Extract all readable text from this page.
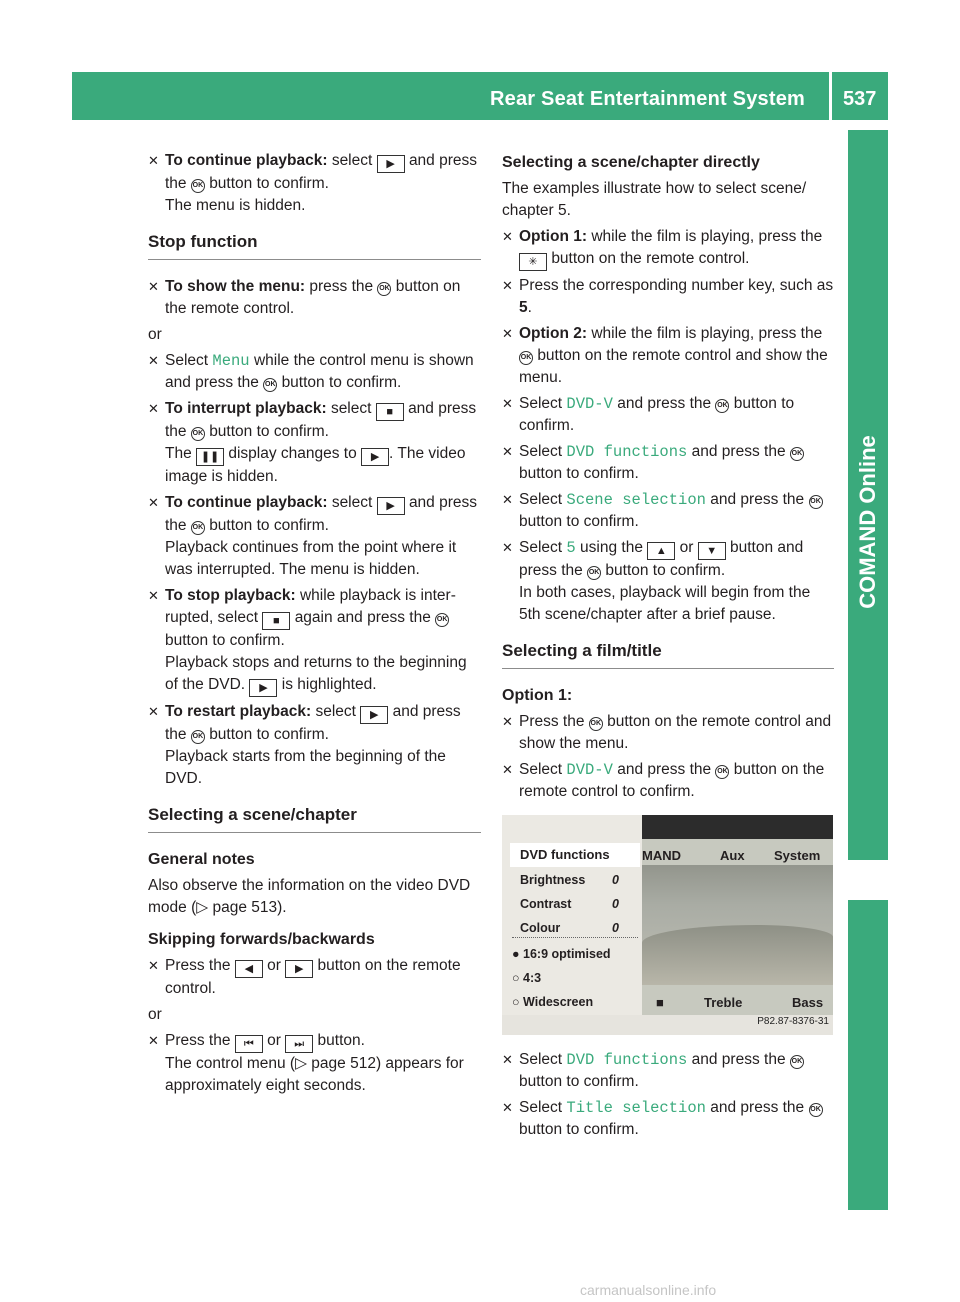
Rear Seat Entertainment System 537
COMAND Online

✕ To continue playback: select ▶ and press the OK button to confirm.
The menu is hidden.

Stop function

✕ To show the menu: press the OK button on the remote control.

or

✕ Select Menu while the control menu is shown and press the OK button to confirm.

✕ To interrupt playback: select ■ and press the OK button to confirm.
The ❚❚ display changes to ▶ . The video image is hidden.

✕ To continue playback: select ▶ and press the OK button to confirm.
Playback continues from the point where it was interrupted. The menu is hidden.

✕ To stop playback: while playback is interrupted, select ■ again and press the OK button to confirm.
Playback stops and returns to the beginning of the DVD. ▶ is highlighted.

✕ To restart playback: select ▶ and press the OK button to confirm.
Playback starts from the beginning of the DVD.

Selecting a scene/chapter
General notes

Also observe the information on the video DVD mode (▷ page 513).

Skipping forwards/backwards

✕ Press the ◀ or ▶ button on the remote control.

or

✕ Press the ⏮ or ⏭ button.
The control menu (▷ page 512) appears for approximately eight seconds.

Selecting a scene/chapter directly

The examples illustrate how to select scene/ chapter 5.

✕ Option 1: while the film is playing, press the ✳ button on the remote control.

✕ Press the corresponding number key, such as 5.

✕ Option 2: while the film is playing, press the OK button on the remote control and show the menu.

✕ Select DVD-V and press the OK button to confirm.

✕ Select DVD functions and press the OK button to confirm.

✕ Select Scene selection and press the OK button to confirm.

✕ Select 5 using the ▲ or ▼ button and press the OK button to confirm.
In both cases, playback will begin from the 5th scene/chapter after a brief pause.

Selecting a film/title
Option 1:

✕ Press the OK button on the remote control and show the menu.

✕ Select DVD-V and press the OK button on the remote control to confirm.

DVD functions
Brightness 0
Contrast	0
Colour	0
● 16:9 optimised
○ 4:3
○ Widescreen
MAND	Aux System
■	Treble	Bass
P82.87-8376-31

✕ Select DVD functions and press the OK button to confirm.

✕ Select Title selection and press the OK button to confirm.

carmanualsonline.info
